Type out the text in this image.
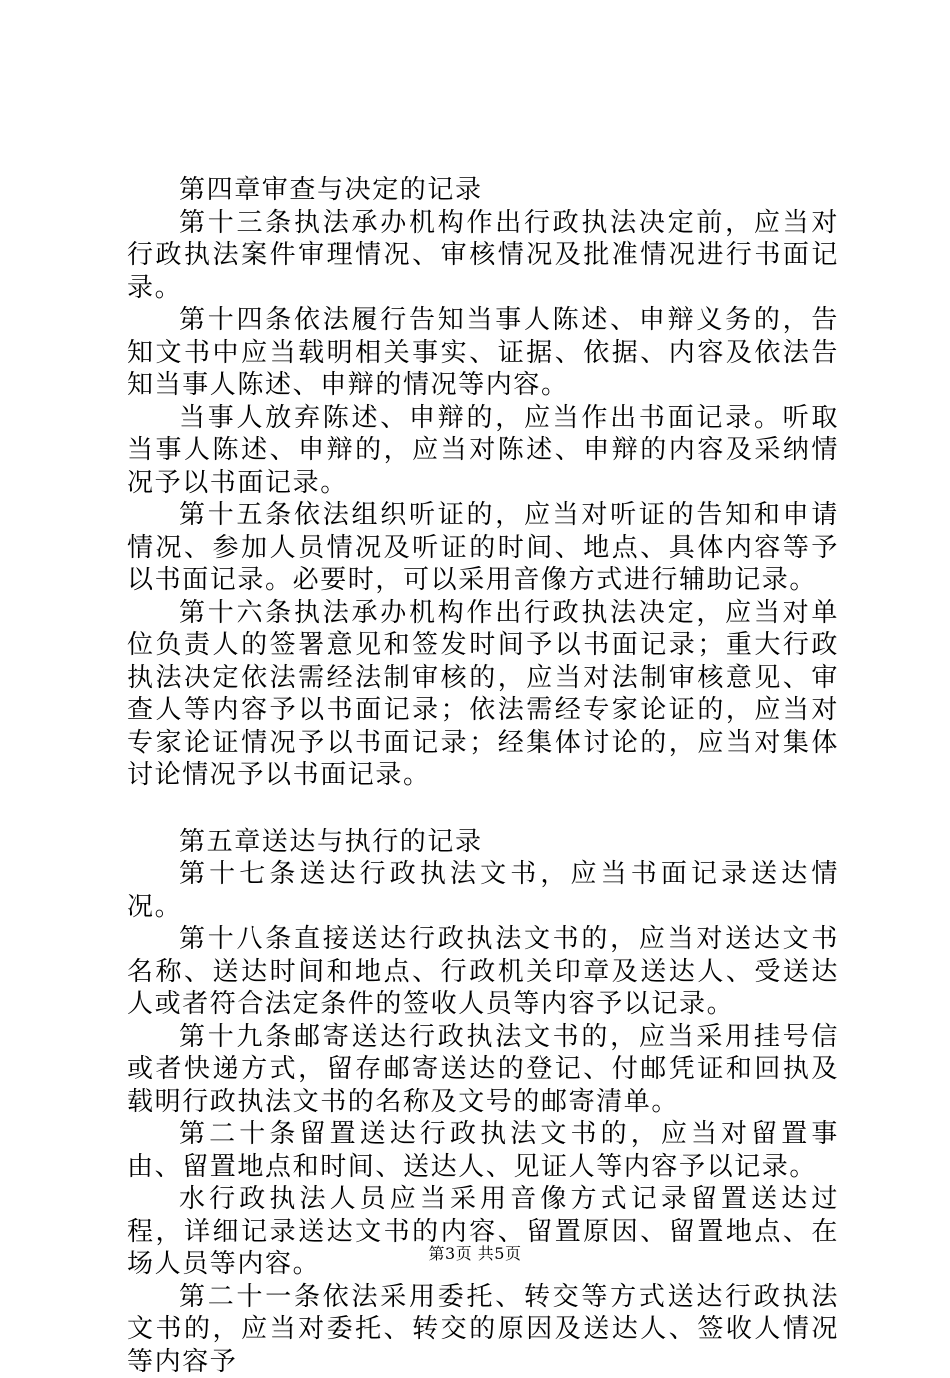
第四章审查与决定的记录

第十三条执法承办机构作出行政执法决定前，应当对行政执法案件审理情况、审核情况及批准情况进行书面记录。

第十四条依法履行告知当事人陈述、申辩义务的，告知文书中应当载明相关事实、证据、依据、内容及依法告知当事人陈述、申辩的情况等内容。

当事人放弃陈述、申辩的，应当作出书面记录。听取当事人陈述、申辩的，应当对陈述、申辩的内容及采纳情况予以书面记录。

第十五条依法组织听证的，应当对听证的告知和申请情况、参加人员情况及听证的时间、地点、具体内容等予以书面记录。必要时，可以采用音像方式进行辅助记录。

第十六条执法承办机构作出行政执法决定，应当对单位负责人的签署意见和签发时间予以书面记录；重大行政执法决定依法需经法制审核的，应当对法制审核意见、审查人等内容予以书面记录；依法需经专家论证的，应当对专家论证情况予以书面记录；经集体讨论的，应当对集体讨论情况予以书面记录。

第五章送达与执行的记录

第十七条送达行政执法文书，应当书面记录送达情况。

第十八条直接送达行政执法文书的，应当对送达文书名称、送达时间和地点、行政机关印章及送达人、受送达人或者符合法定条件的签收人员等内容予以记录。

第十九条邮寄送达行政执法文书的，应当采用挂号信或者快递方式，留存邮寄送达的登记、付邮凭证和回执及载明行政执法文书的名称及文号的邮寄清单。

第二十条留置送达行政执法文书的，应当对留置事由、留置地点和时间、送达人、见证人等内容予以记录。

水行政执法人员应当采用音像方式记录留置送达过程，详细记录送达文书的内容、留置原因、留置地点、在场人员等内容。

第二十一条依法采用委托、转交等方式送达行政执法文书的，应当对委托、转交的原因及送达人、签收人情况等内容予

第3页 共5页
